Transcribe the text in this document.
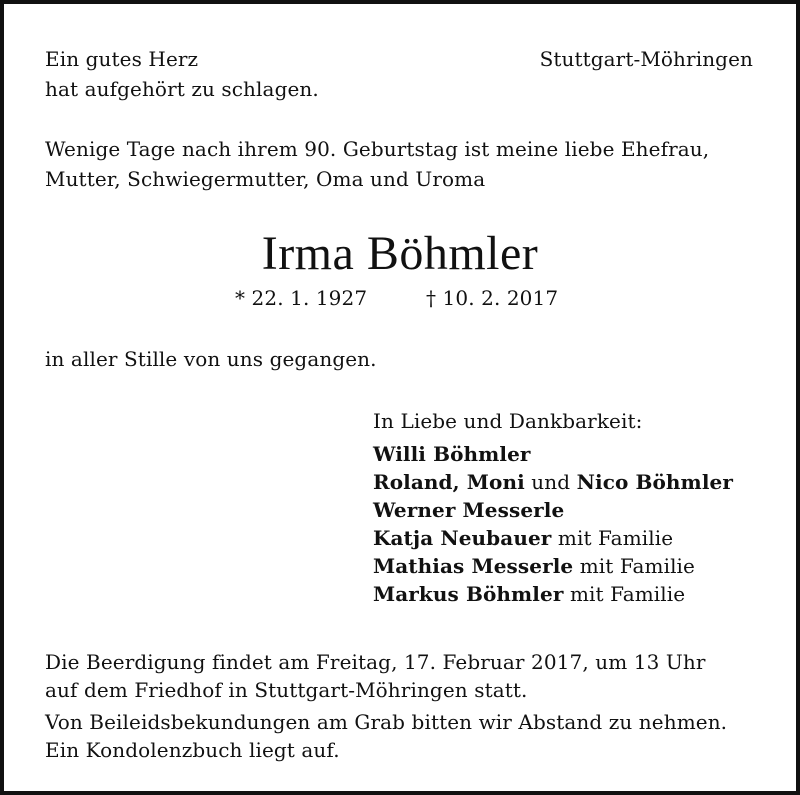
Ein gutes Herz
hat aufgehört zu schlagen.
Stuttgart-Möhringen
Wenige Tage nach ihrem 90. Geburtstag ist meine liebe Ehefrau,
Mutter, Schwiegermutter, Oma und Uroma
Irma Böhmler
* 22. 1. 1927	† 10. 2. 2017
in aller Stille von uns gegangen.
In Liebe und Dankbarkeit:
Willi Böhmler
Roland, Moni und Nico Böhmler
Werner Messerle
Katja Neubauer mit Familie
Mathias Messerle mit Familie
Markus Böhmler mit Familie
Die Beerdigung findet am Freitag, 17. Februar 2017, um 13 Uhr
auf dem Friedhof in Stuttgart-Möhringen statt.
Von Beileidsbekundungen am Grab bitten wir Abstand zu nehmen.
Ein Kondolenzbuch liegt auf.
